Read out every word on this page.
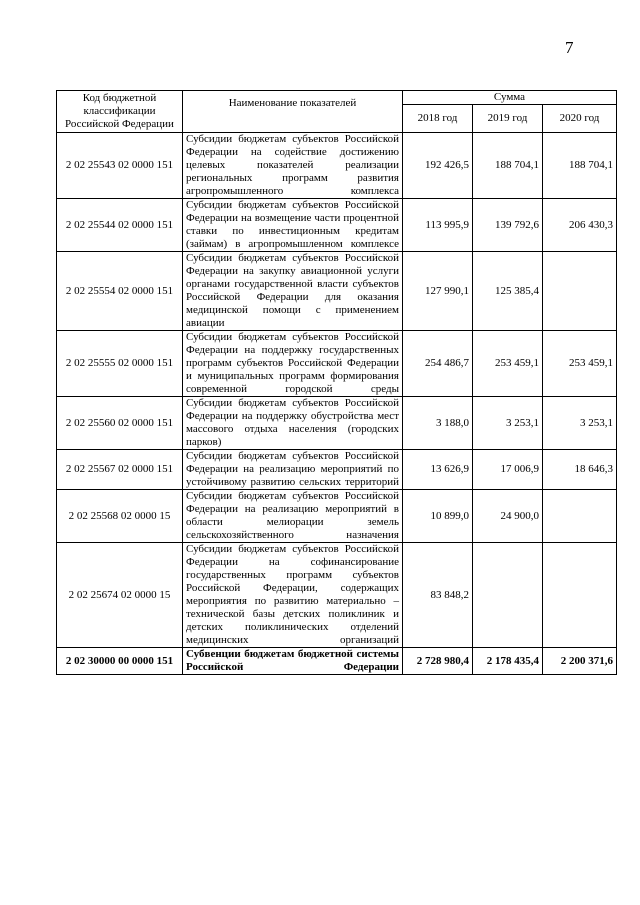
7
Код бюджетной классификации Российской Федерации	Наименование показателей	Сумма		
		2018 год	2019 год	2020 год
2 02 25543 02 0000 151	Субсидии бюджетам субъектов Российской Федерации на содействие достижению целевых показателей реализации региональных программ развития агропромышленного комплекса	192 426,5	188 704,1	188 704,1
2 02 25544 02 0000 151	Субсидии бюджетам субъектов Российской Федерации на возмещение части процентной ставки по инвестиционным кредитам (займам) в агропромышленном комплексе	113 995,9	139 792,6	206 430,3
2 02 25554 02 0000 151	Субсидии бюджетам субъектов Российской Федерации на закупку авиационной услуги органами государственной власти субъектов Российской Федерации для оказания медицинской помощи с применением авиации	127 990,1	125 385,4	
2 02 25555 02 0000 151	Субсидии бюджетам субъектов Российской Федерации на поддержку государственных программ субъектов Российской Федерации и муниципальных программ формирования современной городской среды	254 486,7	253 459,1	253 459,1
2 02 25560 02 0000 151	Субсидии бюджетам субъектов Российской Федерации на поддержку обустройства мест массового отдыха населения (городских парков)	3 188,0	3 253,1	3 253,1
2 02 25567 02 0000 151	Субсидии бюджетам субъектов Российской Федерации на реализацию мероприятий по устойчивому развитию сельских территорий	13 626,9	17 006,9	18 646,3
2 02 25568 02 0000 15	Субсидии бюджетам субъектов Российской Федерации на реализацию мероприятий в области мелиорации земель сельскохозяйственного назначения	10 899,0	24 900,0	
2 02 25674 02 0000 15	Субсидии бюджетам субъектов Российской Федерации на софинансирование государственных программ субъектов Российской Федерации, содержащих мероприятия по развитию материально – технической базы детских поликлиник и детских поликлинических отделений медицинских организаций	83 848,2		
2 02 30000 00 0000 151	Субвенции бюджетам бюджетной системы Российской Федерации	2 728 980,4	2 178 435,4	2 200 371,6
